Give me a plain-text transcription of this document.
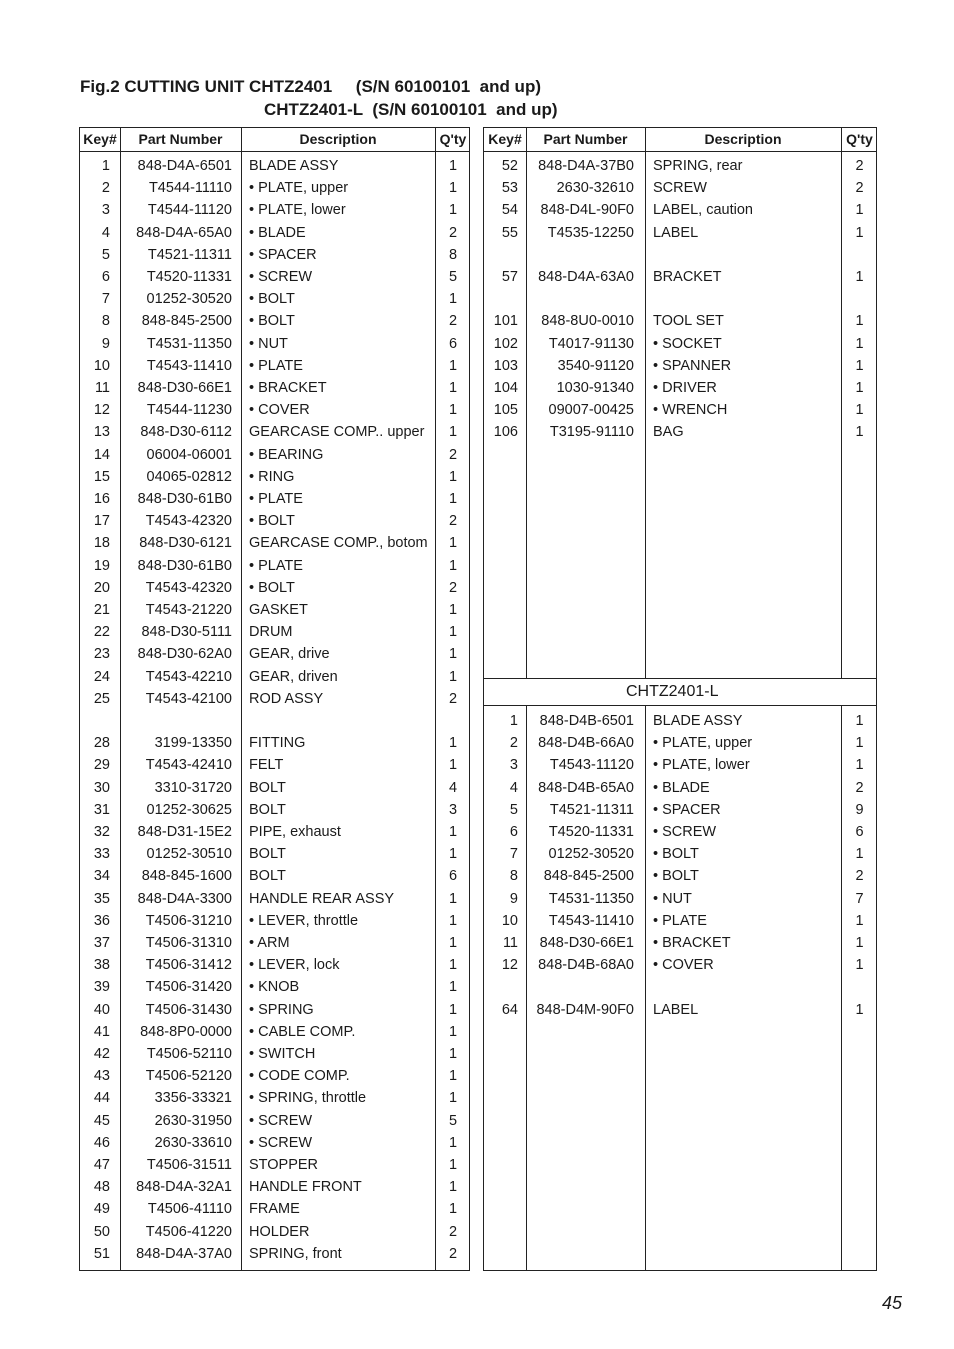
Fig.2 CUTTING UNIT CHTZ2401     (S/N 60100101  and up)
CHTZ2401-L  (S/N 60100101  and up)
Key#	Part Number	Description	Q'ty
1	848-D4A-6501 BLADE ASSY	1
2	T4544-11110 • PLATE, upper	1
3	T4544-11120 • PLATE, lower	1
4	848-D4A-65A0 • BLADE	2
5	T4521-11311 • SPACER	8
6	T4520-11331 • SCREW	5
7	01252-30520 • BOLT	1
8	848-845-2500 • BOLT	2
9	T4531-11350 • NUT	6
10	T4543-11410 • PLATE	1
11	848-D30-66E1 • BRACKET	1
12	T4544-11230 • COVER	1
13	848-D30-6112 GEARCASE COMP.. upper	1
14	06004-06001 • BEARING	2
15	04065-02812 • RING	1
16	848-D30-61B0 • PLATE	1
17	T4543-42320 • BOLT	2
18	848-D30-6121 GEARCASE COMP., botom	1
19	848-D30-61B0 • PLATE	1
20	T4543-42320 • BOLT	2
21	T4543-21220 GASKET	1
22	848-D30-5111 DRUM	1
23	848-D30-62A0 GEAR, drive	1
24	T4543-42210 GEAR, driven	1
25	T4543-42100 ROD ASSY	2
28	3199-13350 FITTING	1
29	T4543-42410 FELT	1
30	3310-31720 BOLT	4
31	01252-30625 BOLT	3
32	848-D31-15E2 PIPE, exhaust	1
33	01252-30510 BOLT	1
34	848-845-1600 BOLT	6
35	848-D4A-3300 HANDLE REAR ASSY	1
36	T4506-31210 • LEVER, throttle	1
37	T4506-31310 • ARM	1
38	T4506-31412 • LEVER, lock	1
39	T4506-31420 • KNOB	1
40	T4506-31430 • SPRING	1
41	848-8P0-0000 • CABLE COMP.	1
42	T4506-52110 • SWITCH	1
43	T4506-52120 • CODE COMP.	1
44	3356-33321 • SPRING, throttle	1
45	2630-31950 • SCREW	5
46	2630-33610 • SCREW	1
47	T4506-31511 STOPPER	1
48	848-D4A-32A1 HANDLE FRONT	1
49	T4506-41110 FRAME	1
50	T4506-41220 HOLDER	2
51	848-D4A-37A0 SPRING, front	2
Key#	Part Number	Description	Q'ty
52	848-D4A-37B0 SPRING, rear	2
53	2630-32610 SCREW	2
54	848-D4L-90F0 LABEL, caution	1
55	T4535-12250 LABEL	1
57	848-D4A-63A0 BRACKET	1
101	848-8U0-0010 TOOL SET	1
102	T4017-91130 • SOCKET	1
103	3540-91120 • SPANNER	1
104	1030-91340 • DRIVER	1
105	09007-00425 • WRENCH	1
106	T3195-91110 BAG	1
CHTZ2401-L
1	848-D4B-6501 BLADE ASSY	1
2	848-D4B-66A0 • PLATE, upper	1
3	T4543-11120 • PLATE, lower	1
4	848-D4B-65A0 • BLADE	2
5	T4521-11311 • SPACER	9
6	T4520-11331 • SCREW	6
7	01252-30520 • BOLT	1
8	848-845-2500 • BOLT	2
9	T4531-11350 • NUT	7
10	T4543-11410 • PLATE	1
11	848-D30-66E1 • BRACKET	1
12	848-D4B-68A0 • COVER	1
64	848-D4M-90F0 LABEL	1
45
